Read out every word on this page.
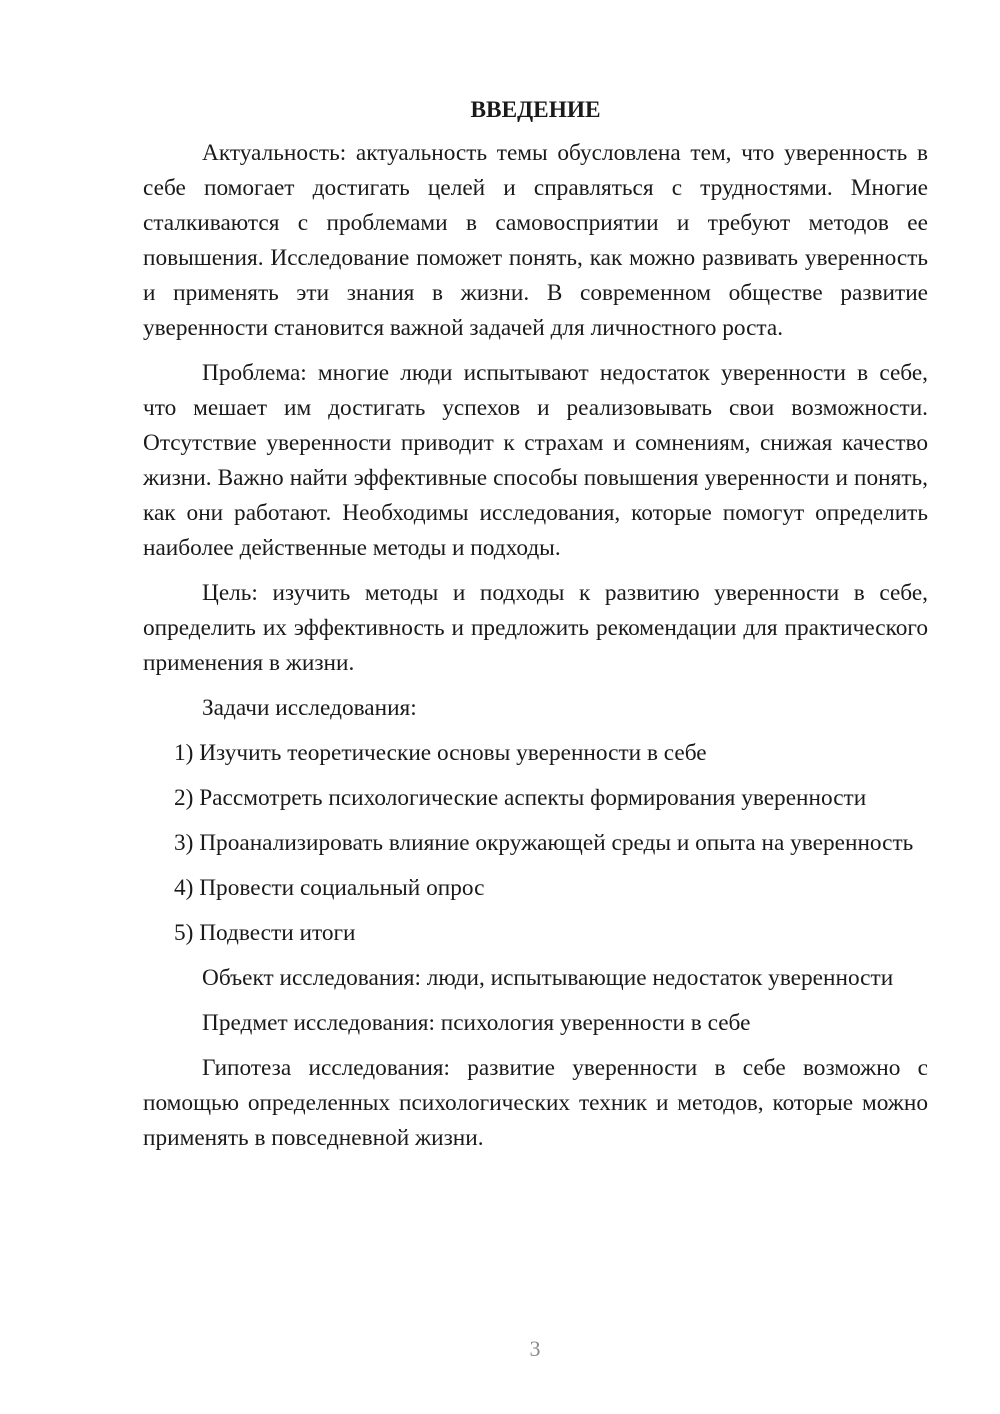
ВВЕДЕНИЕ

Актуальность: актуальность темы обусловлена тем, что уверенность в себе помогает достигать целей и справляться с трудностями. Многие сталкиваются с проблемами в самовосприятии и требуют методов ее повышения. Исследование поможет понять, как можно развивать уверенность и применять эти знания в жизни. В современном обществе развитие уверенности становится важной задачей для личностного роста.

Проблема: многие люди испытывают недостаток уверенности в себе, что мешает им достигать успехов и реализовывать свои возможности. Отсутствие уверенности приводит к страхам и сомнениям, снижая качество жизни. Важно найти эффективные способы повышения уверенности и понять, как они работают. Необходимы исследования, которые помогут определить наиболее действенные методы и подходы.

Цель: изучить методы и подходы к развитию уверенности в себе, определить их эффективность и предложить рекомендации для практического применения в жизни.

Задачи исследования:

1) Изучить теоретические основы уверенности в себе

2) Рассмотреть психологические аспекты формирования уверенности

3) Проанализировать влияние окружающей среды и опыта на уверенность

4) Провести социальный опрос

5) Подвести итоги

Объект исследования: люди, испытывающие недостаток уверенности

Предмет исследования: психология уверенности в себе

Гипотеза исследования: развитие уверенности в себе возможно с помощью определенных психологических техник и методов, которые можно применять в повседневной жизни.

3
